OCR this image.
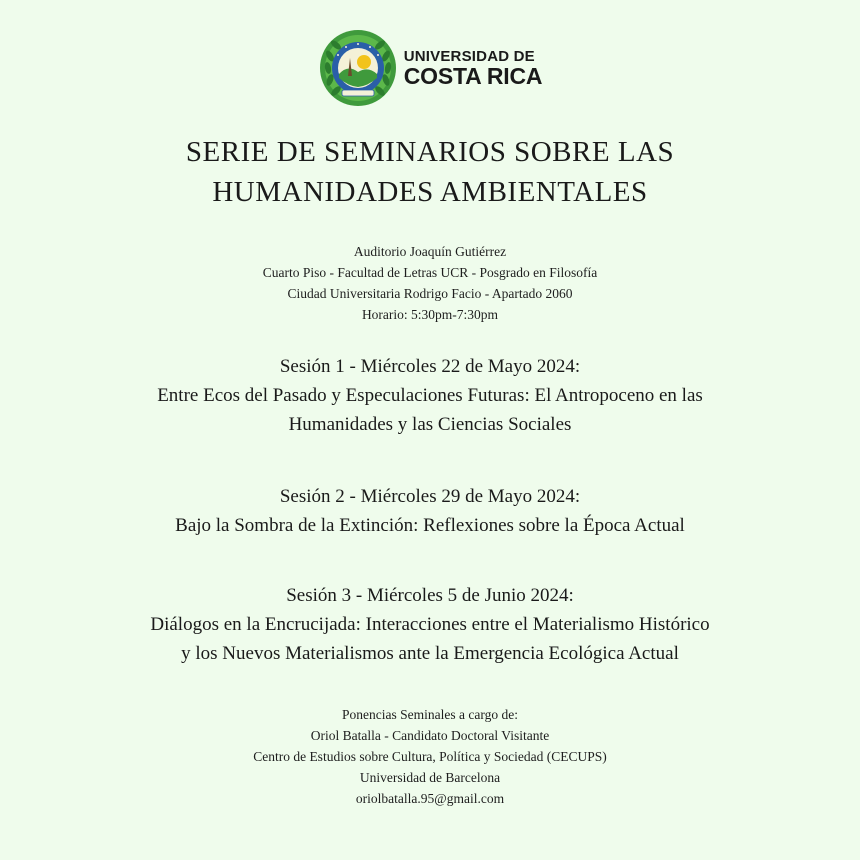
UNIVERSIDAD DE
COSTA RICA
SERIE DE SEMINARIOS SOBRE LAS
HUMANIDADES AMBIENTALES
Auditorio Joaquín Gutiérrez
Cuarto Piso - Facultad de Letras UCR - Posgrado en Filosofía
Ciudad Universitaria Rodrigo Facio - Apartado 2060
Horario: 5:30pm-7:30pm
Sesión 1 - Miércoles 22 de Mayo 2024:
Entre Ecos del Pasado y Especulaciones Futuras: El Antropoceno en las
Humanidades y las Ciencias Sociales
Sesión 2 - Miércoles 29 de Mayo 2024:
Bajo la Sombra de la Extinción: Reflexiones sobre la Época Actual
Sesión 3 - Miércoles 5 de Junio 2024:
Diálogos en la Encrucijada: Interacciones entre el Materialismo Histórico
y los Nuevos Materialismos ante la Emergencia Ecológica Actual
Ponencias Seminales a cargo de:
Oriol Batalla - Candidato Doctoral Visitante
Centro de Estudios sobre Cultura, Política y Sociedad (CECUPS)
Universidad de Barcelona
oriolbatalla.95@gmail.com
